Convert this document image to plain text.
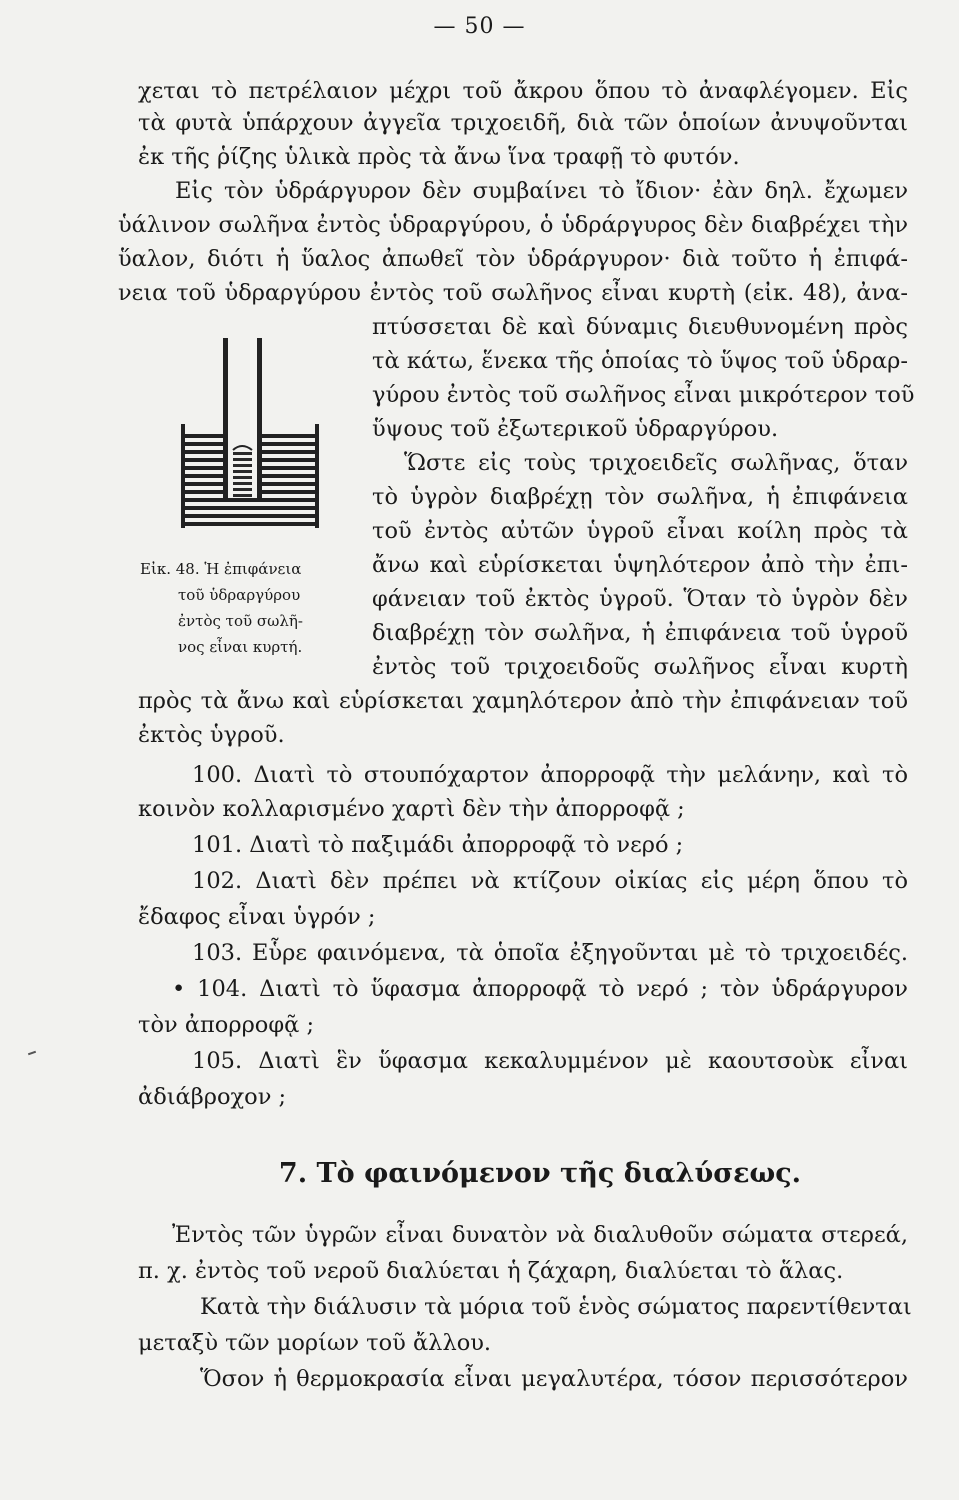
— 50 —
χεται τὸ πετρέλαιον μέχρι τοῦ ἄκρου ὅπου τὸ ἀναφλέγομεν. Εἰς
τὰ φυτὰ ὑπάρχουν ἀγγεῖα τριχοειδῆ, διὰ τῶν ὁποίων ἀνυψοῦνται
ἐκ τῆς ῥίζης ὑλικὰ πρὸς τὰ ἄνω ἵνα τραφῇ τὸ φυτόν.
Εἰς τὸν ὑδράργυρον δὲν συμβαίνει τὸ ἴδιον· ἐὰν δηλ. ἔχωμεν
ὑάλινον σωλῆνα ἐντὸς ὑδραργύρου, ὁ ὑδράργυρος δὲν διαβρέχει τὴν
ὕαλον, διότι ἡ ὕαλος ἀπωθεῖ τὸν ὑδράργυρον· διὰ τοῦτο ἡ ἐπιφά-
νεια τοῦ ὑδραργύρου ἐντὸς τοῦ σωλῆνος εἶναι κυρτὴ (εἰκ. 48), ἀνα-
πτύσσεται δὲ καὶ δύναμις διευθυνομένη πρὸς
τὰ κάτω, ἕνεκα τῆς ὁποίας τὸ ὕψος τοῦ ὑδραρ-
γύρου ἐντὸς τοῦ σωλῆνος εἶναι μικρότερον τοῦ
ὕψους τοῦ ἐξωτερικοῦ ὑδραργύρου.
Ὥστε εἰς τοὺς τριχοειδεῖς σωλῆνας, ὅταν
τὸ ὑγρὸν διαβρέχῃ τὸν σωλῆνα, ἡ ἐπιφάνεια
τοῦ ἐντὸς αὐτῶν ὑγροῦ εἶναι κοίλη πρὸς τὰ
ἄνω καὶ εὑρίσκεται ὑψηλότερον ἀπὸ τὴν ἐπι-
φάνειαν τοῦ ἐκτὸς ὑγροῦ. Ὅταν τὸ ὑγρὸν δὲν
διαβρέχῃ τὸν σωλῆνα, ἡ ἐπιφάνεια τοῦ ὑγροῦ
ἐντὸς τοῦ τριχοειδοῦς σωλῆνος εἶναι κυρτὴ
Εἰκ. 48. Ἡ ἐπιφάνεια
τοῦ ὑδραργύρου
ἐντὸς τοῦ σωλῆ-
νος εἶναι κυρτή.
πρὸς τὰ ἄνω καὶ εὑρίσκεται χαμηλότερον ἀπὸ τὴν ἐπιφάνειαν τοῦ
ἐκτὸς ὑγροῦ.
100. Διατὶ τὸ στουπόχαρτον ἀπορροφᾷ τὴν μελάνην, καὶ τὸ
κοινὸν κολλαρισμένο χαρτὶ δὲν τὴν ἀπορροφᾷ ;
101. Διατὶ τὸ παξιμάδι ἀπορροφᾷ τὸ νερό ;
102. Διατὶ δὲν πρέπει νὰ κτίζουν οἰκίας εἰς μέρη ὅπου τὸ
ἔδαφος εἶναι ὑγρόν ;
103. Εὗρε φαινόμενα, τὰ ὁποῖα ἐξηγοῦνται μὲ τὸ τριχοειδές.
• 104. Διατὶ τὸ ὕφασμα ἀπορροφᾷ τὸ νερό ; τὸν ὑδράργυρον
τὸν ἀπορροφᾷ ;
105. Διατὶ ἓν ὕφασμα κεκαλυμμένον μὲ καουτσοὺκ εἶναι
ἀδιάβροχον ;
7. Τὸ φαινόμενον τῆς διαλύσεως.
Ἐντὸς τῶν ὑγρῶν εἶναι δυνατὸν νὰ διαλυθοῦν σώματα στερεά,
π. χ. ἐντὸς τοῦ νεροῦ διαλύεται ἡ ζάχαρη, διαλύεται τὸ ἅλας.
Κατὰ τὴν διάλυσιν τὰ μόρια τοῦ ἑνὸς σώματος παρεντίθενται
μεταξὺ τῶν μορίων τοῦ ἄλλου.
Ὅσον ἡ θερμοκρασία εἶναι μεγαλυτέρα, τόσον περισσότερον
